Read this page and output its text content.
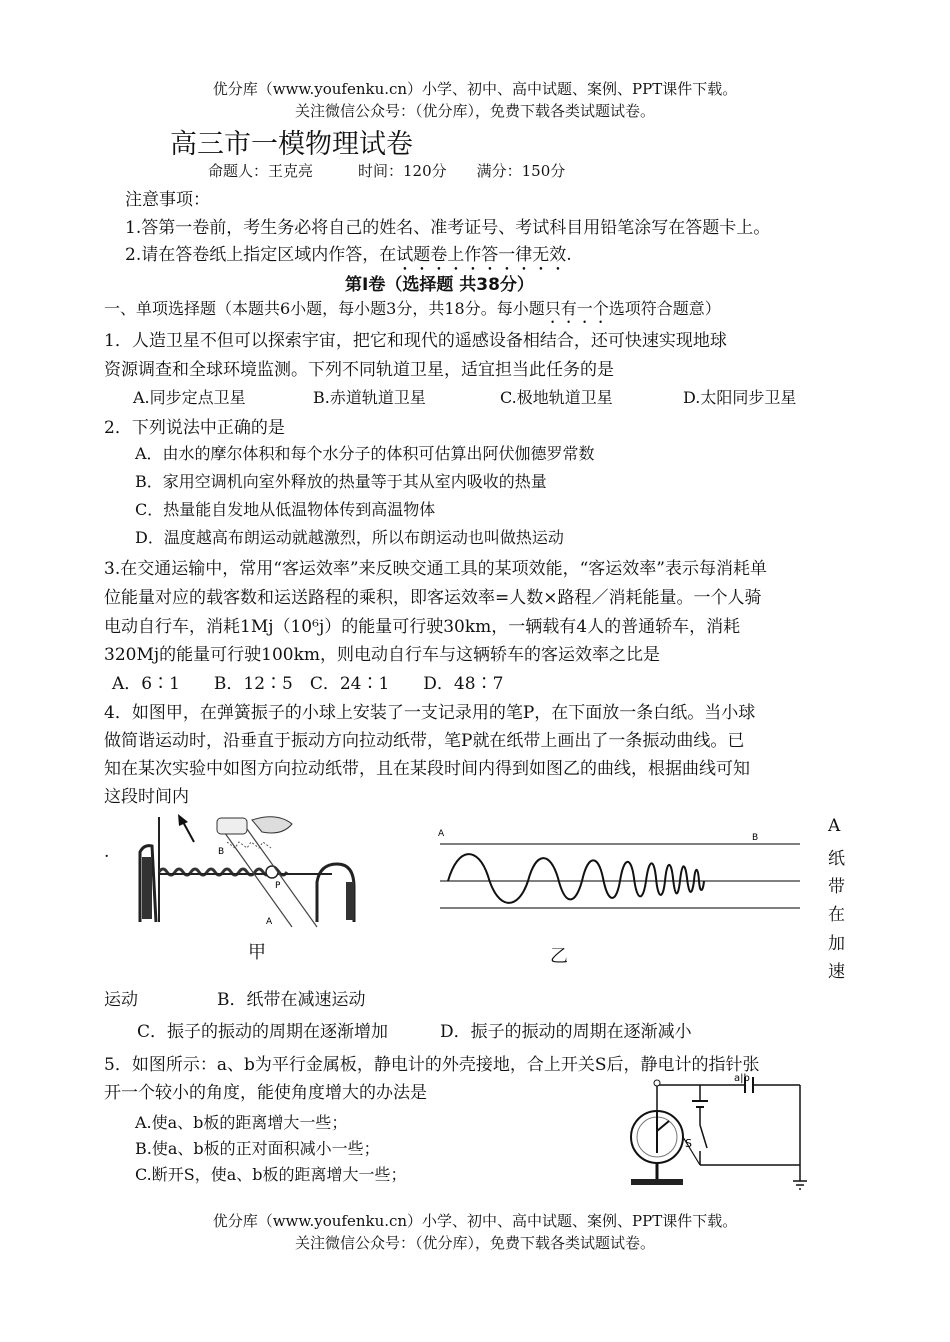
优分库（www.youfenku.cn）小学、初中、高中试题、案例、PPT课件下载。
关注微信公众号：（优分库），免费下载各类试题试卷。
高三市一模物理试卷
命题人：王克亮　　　时间：120分　　满分：150分
注意事项：
1.答第一卷前，考生务必将自己的姓名、准考证号、考试科目用铅笔涂写在答题卡上。
2.请在答卷纸上指定区域内作答，在试题卷上作答一律无效.
第Ⅰ卷（选择题 共38分）
一、单项选择题（本题共6小题，每小题3分，共18分。每小题只有一个选项符合题意）
1．人造卫星不但可以探索宇宙，把它和现代的遥感设备相结合，还可快速实现地球
资源调查和全球环境监测。下列不同轨道卫星，适宜担当此任务的是
A.同步定点卫星	B.赤道轨道卫星	C.极地轨道卫星	D.太阳同步卫星
2．下列说法中正确的是
A．由水的摩尔体积和每个水分子的体积可估算出阿伏伽德罗常数
B．家用空调机向室外释放的热量等于其从室内吸收的热量
C．热量能自发地从低温物体传到高温物体
D．温度越高布朗运动就越激烈，所以布朗运动也叫做热运动
3.在交通运输中，常用“客运效率”来反映交通工具的某项效能，“客运效率”表示每消耗单
位能量对应的载客数和运送路程的乘积，即客运效率=人数×路程／消耗能量。一个人骑
电动自行车，消耗1Mj（10⁶j）的能量可行驶30km，一辆载有4人的普通轿车，消耗
320Mj的能量可行驶100km，则电动自行车与这辆轿车的客运效率之比是
A．6∶1　　B．12∶5　C．24∶1　　D．48∶7
4．如图甲，在弹簧振子的小球上安装了一支记录用的笔P，在下面放一条白纸。当小球
做简谐运动时，沿垂直于振动方向拉动纸带，笔P就在纸带上画出了一条振动曲线。已
知在某次实验中如图方向拉动纸带，且在某段时间内得到如图乙的曲线，根据曲线可知
这段时间内
.	B
P
A
甲
A	B
乙
A
纸
带
在
加
速
运动	B．纸带在减速运动
C．振子的振动的周期在逐渐增加	D．振子的振动的周期在逐渐减小
5．如图所示：a、b为平行金属板，静电计的外壳接地，合上开关S后，静电计的指针张
开一个较小的角度，能使角度增大的办法是
A.使a、b板的距离增大一些；
B.使a、b板的正对面积减小一些；
C.断开S，使a、b板的距离增大一些；
a|b
S
优分库（www.youfenku.cn）小学、初中、高中试题、案例、PPT课件下载。
关注微信公众号：（优分库），免费下载各类试题试卷。
